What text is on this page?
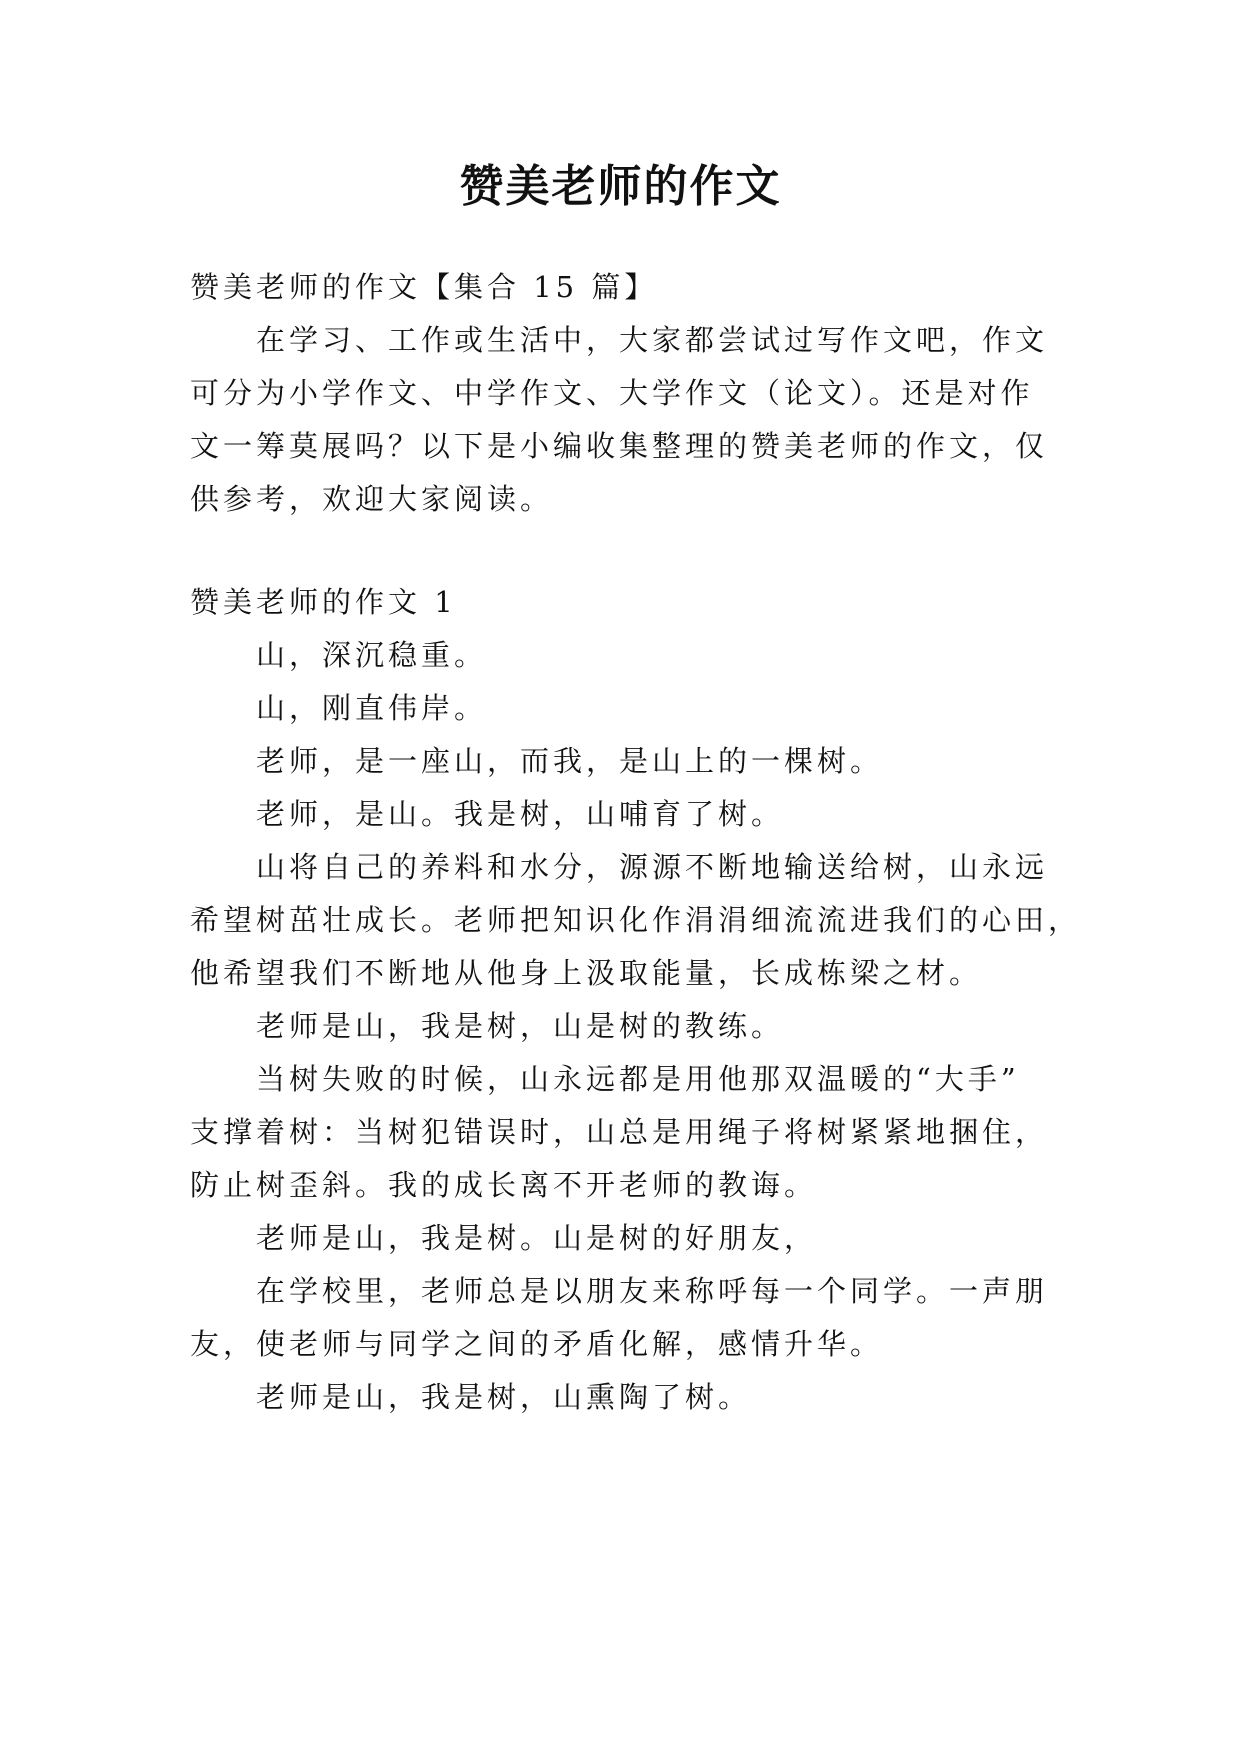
赞美老师的作文
赞美老师的作文【集合 15 篇】
在学习、工作或生活中，大家都尝试过写作文吧，作文
可分为小学作文、中学作文、大学作文（论文）。还是对作
文一筹莫展吗？以下是小编收集整理的赞美老师的作文，仅
供参考，欢迎大家阅读。
赞美老师的作文 1
山，深沉稳重。
山，刚直伟岸。
老师，是一座山，而我，是山上的一棵树。
老师，是山。我是树，山哺育了树。
山将自己的养料和水分，源源不断地输送给树，山永远
希望树茁壮成长。老师把知识化作涓涓细流流进我们的心田，
他希望我们不断地从他身上汲取能量，长成栋梁之材。
老师是山，我是树，山是树的教练。
当树失败的时候，山永远都是用他那双温暖的“大手”
支撑着树：当树犯错误时，山总是用绳子将树紧紧地捆住，
防止树歪斜。我的成长离不开老师的教诲。
老师是山，我是树。山是树的好朋友，
在学校里，老师总是以朋友来称呼每一个同学。一声朋
友，使老师与同学之间的矛盾化解，感情升华。
老师是山，我是树，山熏陶了树。
